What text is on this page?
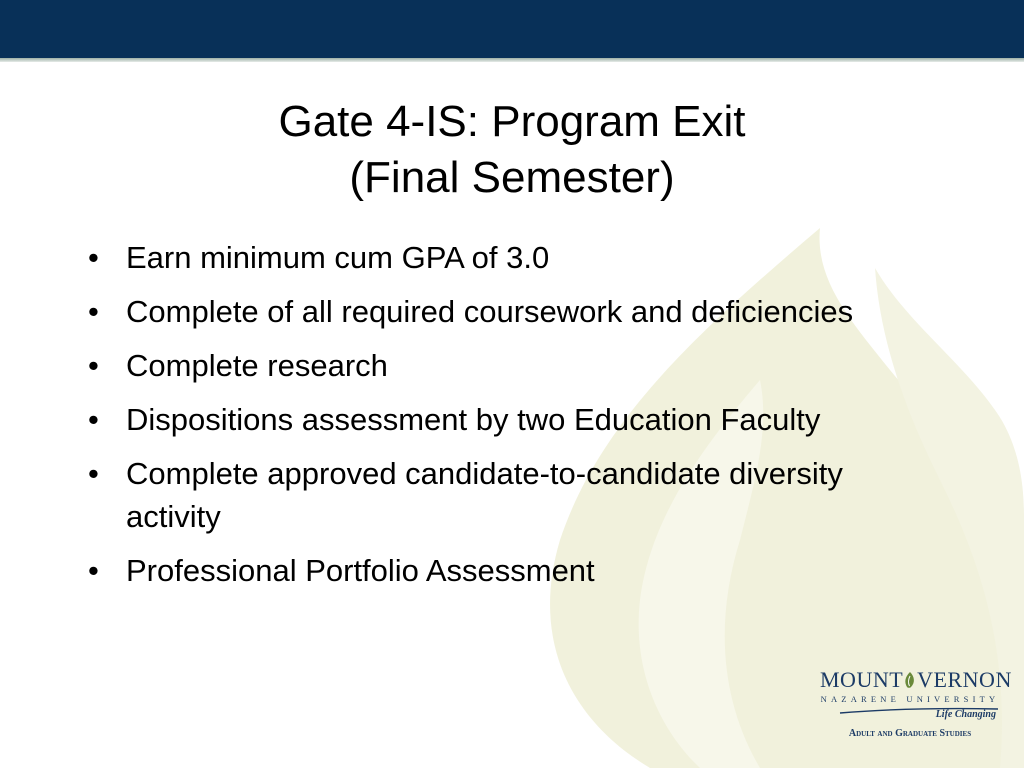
Gate 4-IS: Program Exit
(Final Semester)
• Earn minimum cum GPA of 3.0
• Complete of all required coursework and deficiencies
• Complete research
• Dispositions assessment by two Education Faculty
• Complete approved candidate-to-candidate diversity activity
• Professional Portfolio Assessment
MOUNT VERNON
NAZARENE UNIVERSITY
Life Changing
Adult and Graduate Studies
